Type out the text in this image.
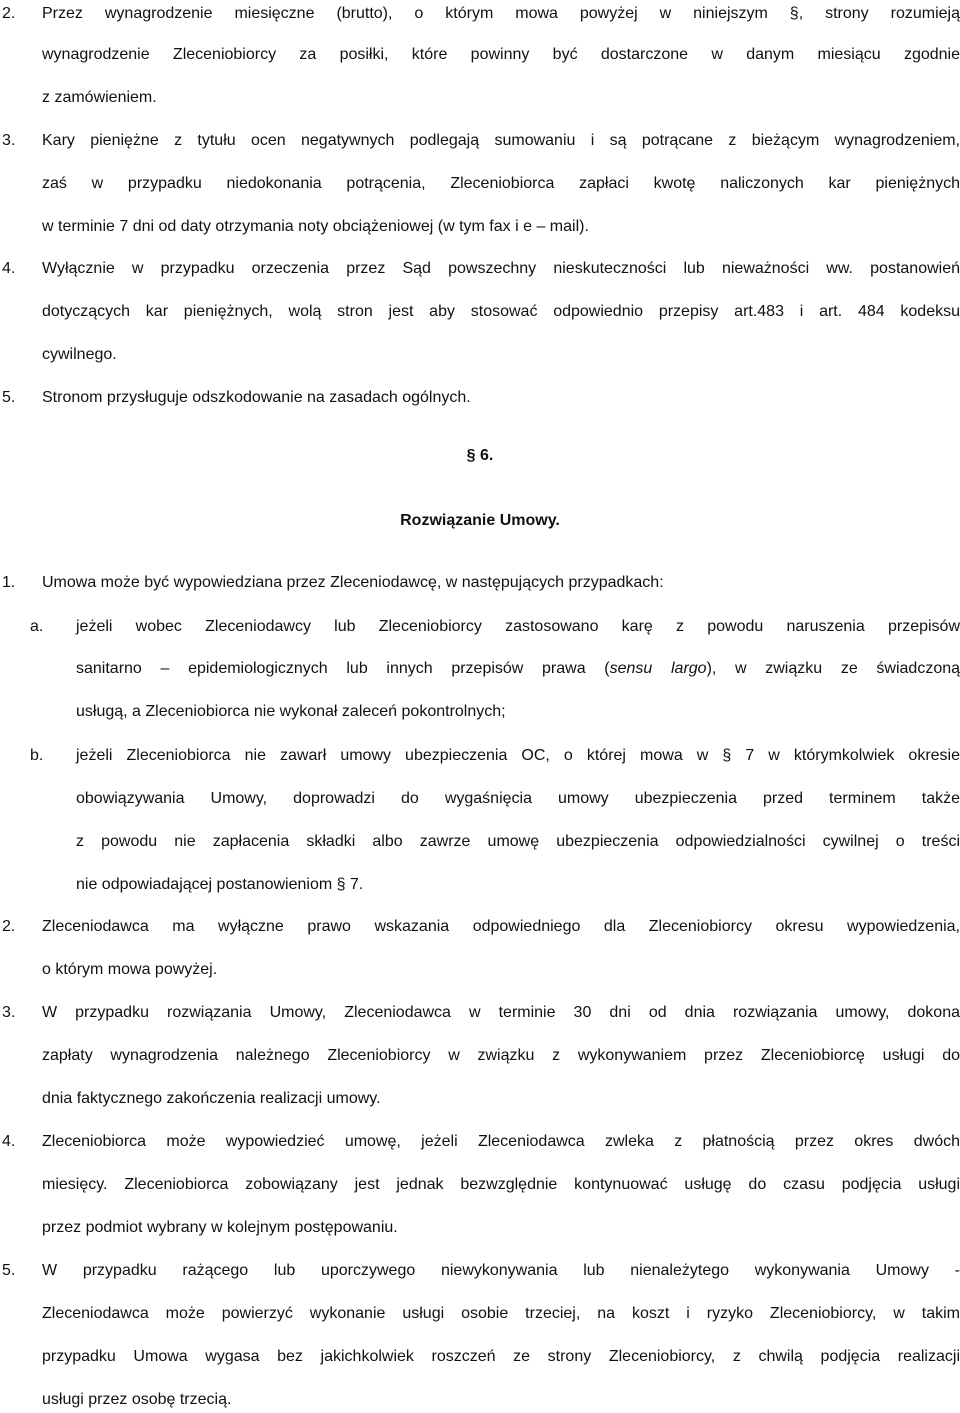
2. Przez wynagrodzenie miesięczne (brutto), o którym mowa powyżej w niniejszym §, strony rozumieją
wynagrodzenie Zleceniobiorcy za posiłki, które powinny być dostarczone w danym miesiącu zgodnie
z zamówieniem.
3. Kary pieniężne z tytułu ocen negatywnych podlegają sumowaniu i są potrącane z bieżącym wynagrodzeniem,
zaś w przypadku niedokonania potrącenia, Zleceniobiorca zapłaci kwotę naliczonych kar pieniężnych
w terminie 7 dni od daty otrzymania noty obciążeniowej (w tym fax i e – mail).
4. Wyłącznie w przypadku orzeczenia przez Sąd powszechny nieskuteczności lub nieważności ww. postanowień
dotyczących kar pieniężnych, wolą stron jest aby stosować odpowiednio przepisy art.483 i art. 484 kodeksu
cywilnego.
5. Stronom przysługuje odszkodowanie na zasadach ogólnych.
§ 6.
Rozwiązanie Umowy.
1. Umowa może być wypowiedziana przez Zleceniodawcę, w następujących przypadkach:
a. jeżeli wobec Zleceniodawcy lub Zleceniobiorcy zastosowano karę z powodu naruszenia przepisów
sanitarno – epidemiologicznych lub innych przepisów prawa (sensu largo), w związku ze świadczoną
usługą, a Zleceniobiorca nie wykonał zaleceń pokontrolnych;
b. jeżeli Zleceniobiorca nie zawarł umowy ubezpieczenia OC, o której mowa w § 7 w którymkolwiek okresie
obowiązywania Umowy, doprowadzi do wygaśnięcia umowy ubezpieczenia przed terminem także
z powodu nie zapłacenia składki albo zawrze umowę ubezpieczenia odpowiedzialności cywilnej o treści
nie odpowiadającej postanowieniom § 7.
2. Zleceniodawca ma wyłączne prawo wskazania odpowiedniego dla Zleceniobiorcy okresu wypowiedzenia,
o którym mowa powyżej.
3. W przypadku rozwiązania Umowy, Zleceniodawca w terminie 30 dni od dnia rozwiązania umowy, dokona
zapłaty wynagrodzenia należnego Zleceniobiorcy w związku z wykonywaniem przez Zleceniobiorcę usługi do
dnia faktycznego zakończenia realizacji umowy.
4. Zleceniobiorca może wypowiedzieć umowę, jeżeli Zleceniodawca zwleka z płatnością przez okres dwóch
miesięcy. Zleceniobiorca zobowiązany jest jednak bezwzględnie kontynuować usługę do czasu podjęcia usługi
przez podmiot wybrany w kolejnym postępowaniu.
5. W przypadku rażącego lub uporczywego niewykonywania lub nienależytego wykonywania Umowy -
Zleceniodawca może powierzyć wykonanie usługi osobie trzeciej, na koszt i ryzyko Zleceniobiorcy, w takim
przypadku Umowa wygasa bez jakichkolwiek roszczeń ze strony Zleceniobiorcy, z chwilą podjęcia realizacji
usługi przez osobę trzecią.
